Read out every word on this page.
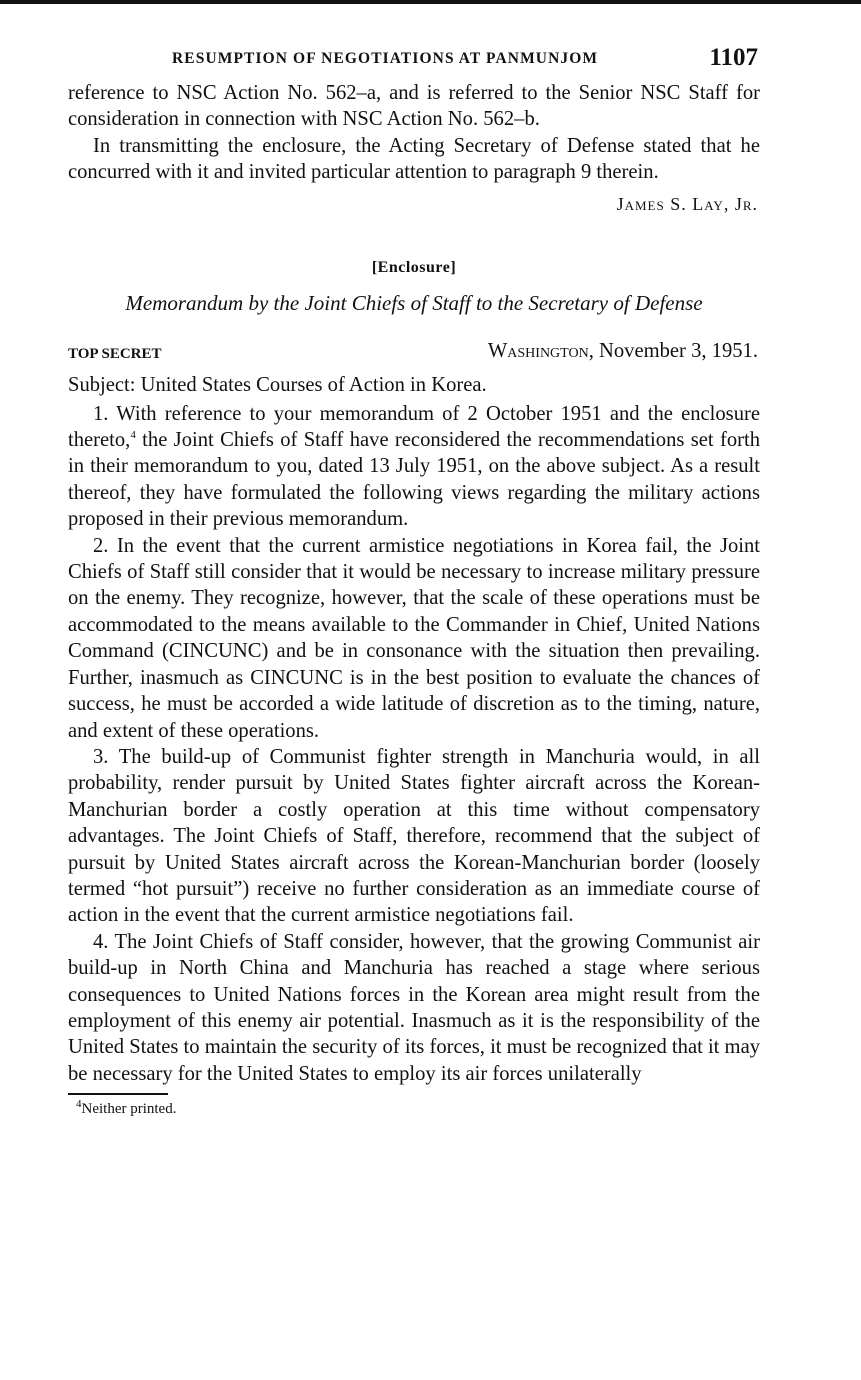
RESUMPTION OF NEGOTIATIONS AT PANMUNJOM	1107

reference to NSC Action No. 562–a, and is referred to the Senior NSC Staff for consideration in connection with NSC Action No. 562–b.

In transmitting the enclosure, the Acting Secretary of Defense stated that he concurred with it and invited particular attention to paragraph 9 therein.

James S. Lay, Jr.
[Enclosure]
Memorandum by the Joint Chiefs of Staff to the Secretary of Defense
TOP SECRET	Washington, November 3, 1951.
Subject: United States Courses of Action in Korea.

1. With reference to your memorandum of 2 October 1951 and the enclosure thereto,$^4$ the Joint Chiefs of Staff have reconsidered the recommendations set forth in their memorandum to you, dated 13 July 1951, on the above subject. As a result thereof, they have formulated the following views regarding the military actions proposed in their previous memorandum.

2. In the event that the current armistice negotiations in Korea fail, the Joint Chiefs of Staff still consider that it would be necessary to increase military pressure on the enemy. They recognize, however, that the scale of these operations must be accommodated to the means available to the Commander in Chief, United Nations Command (CINCUNC) and be in consonance with the situation then prevailing. Further, inasmuch as CINCUNC is in the best position to evaluate the chances of success, he must be accorded a wide latitude of discretion as to the timing, nature, and extent of these operations.

3. The build-up of Communist fighter strength in Manchuria would, in all probability, render pursuit by United States fighter aircraft across the Korean-Manchurian border a costly operation at this time without compensatory advantages. The Joint Chiefs of Staff, therefore, recommend that the subject of pursuit by United States aircraft across the Korean-Manchurian border (loosely termed “hot pursuit”) receive no further consideration as an immediate course of action in the event that the current armistice negotiations fail.

4. The Joint Chiefs of Staff consider, however, that the growing Communist air build-up in North China and Manchuria has reached a stage where serious consequences to United Nations forces in the Korean area might result from the employment of this enemy air potential. Inasmuch as it is the responsibility of the United States to maintain the security of its forces, it must be recognized that it may be necessary for the United States to employ its air forces unilaterally

$^4$Neither printed.
